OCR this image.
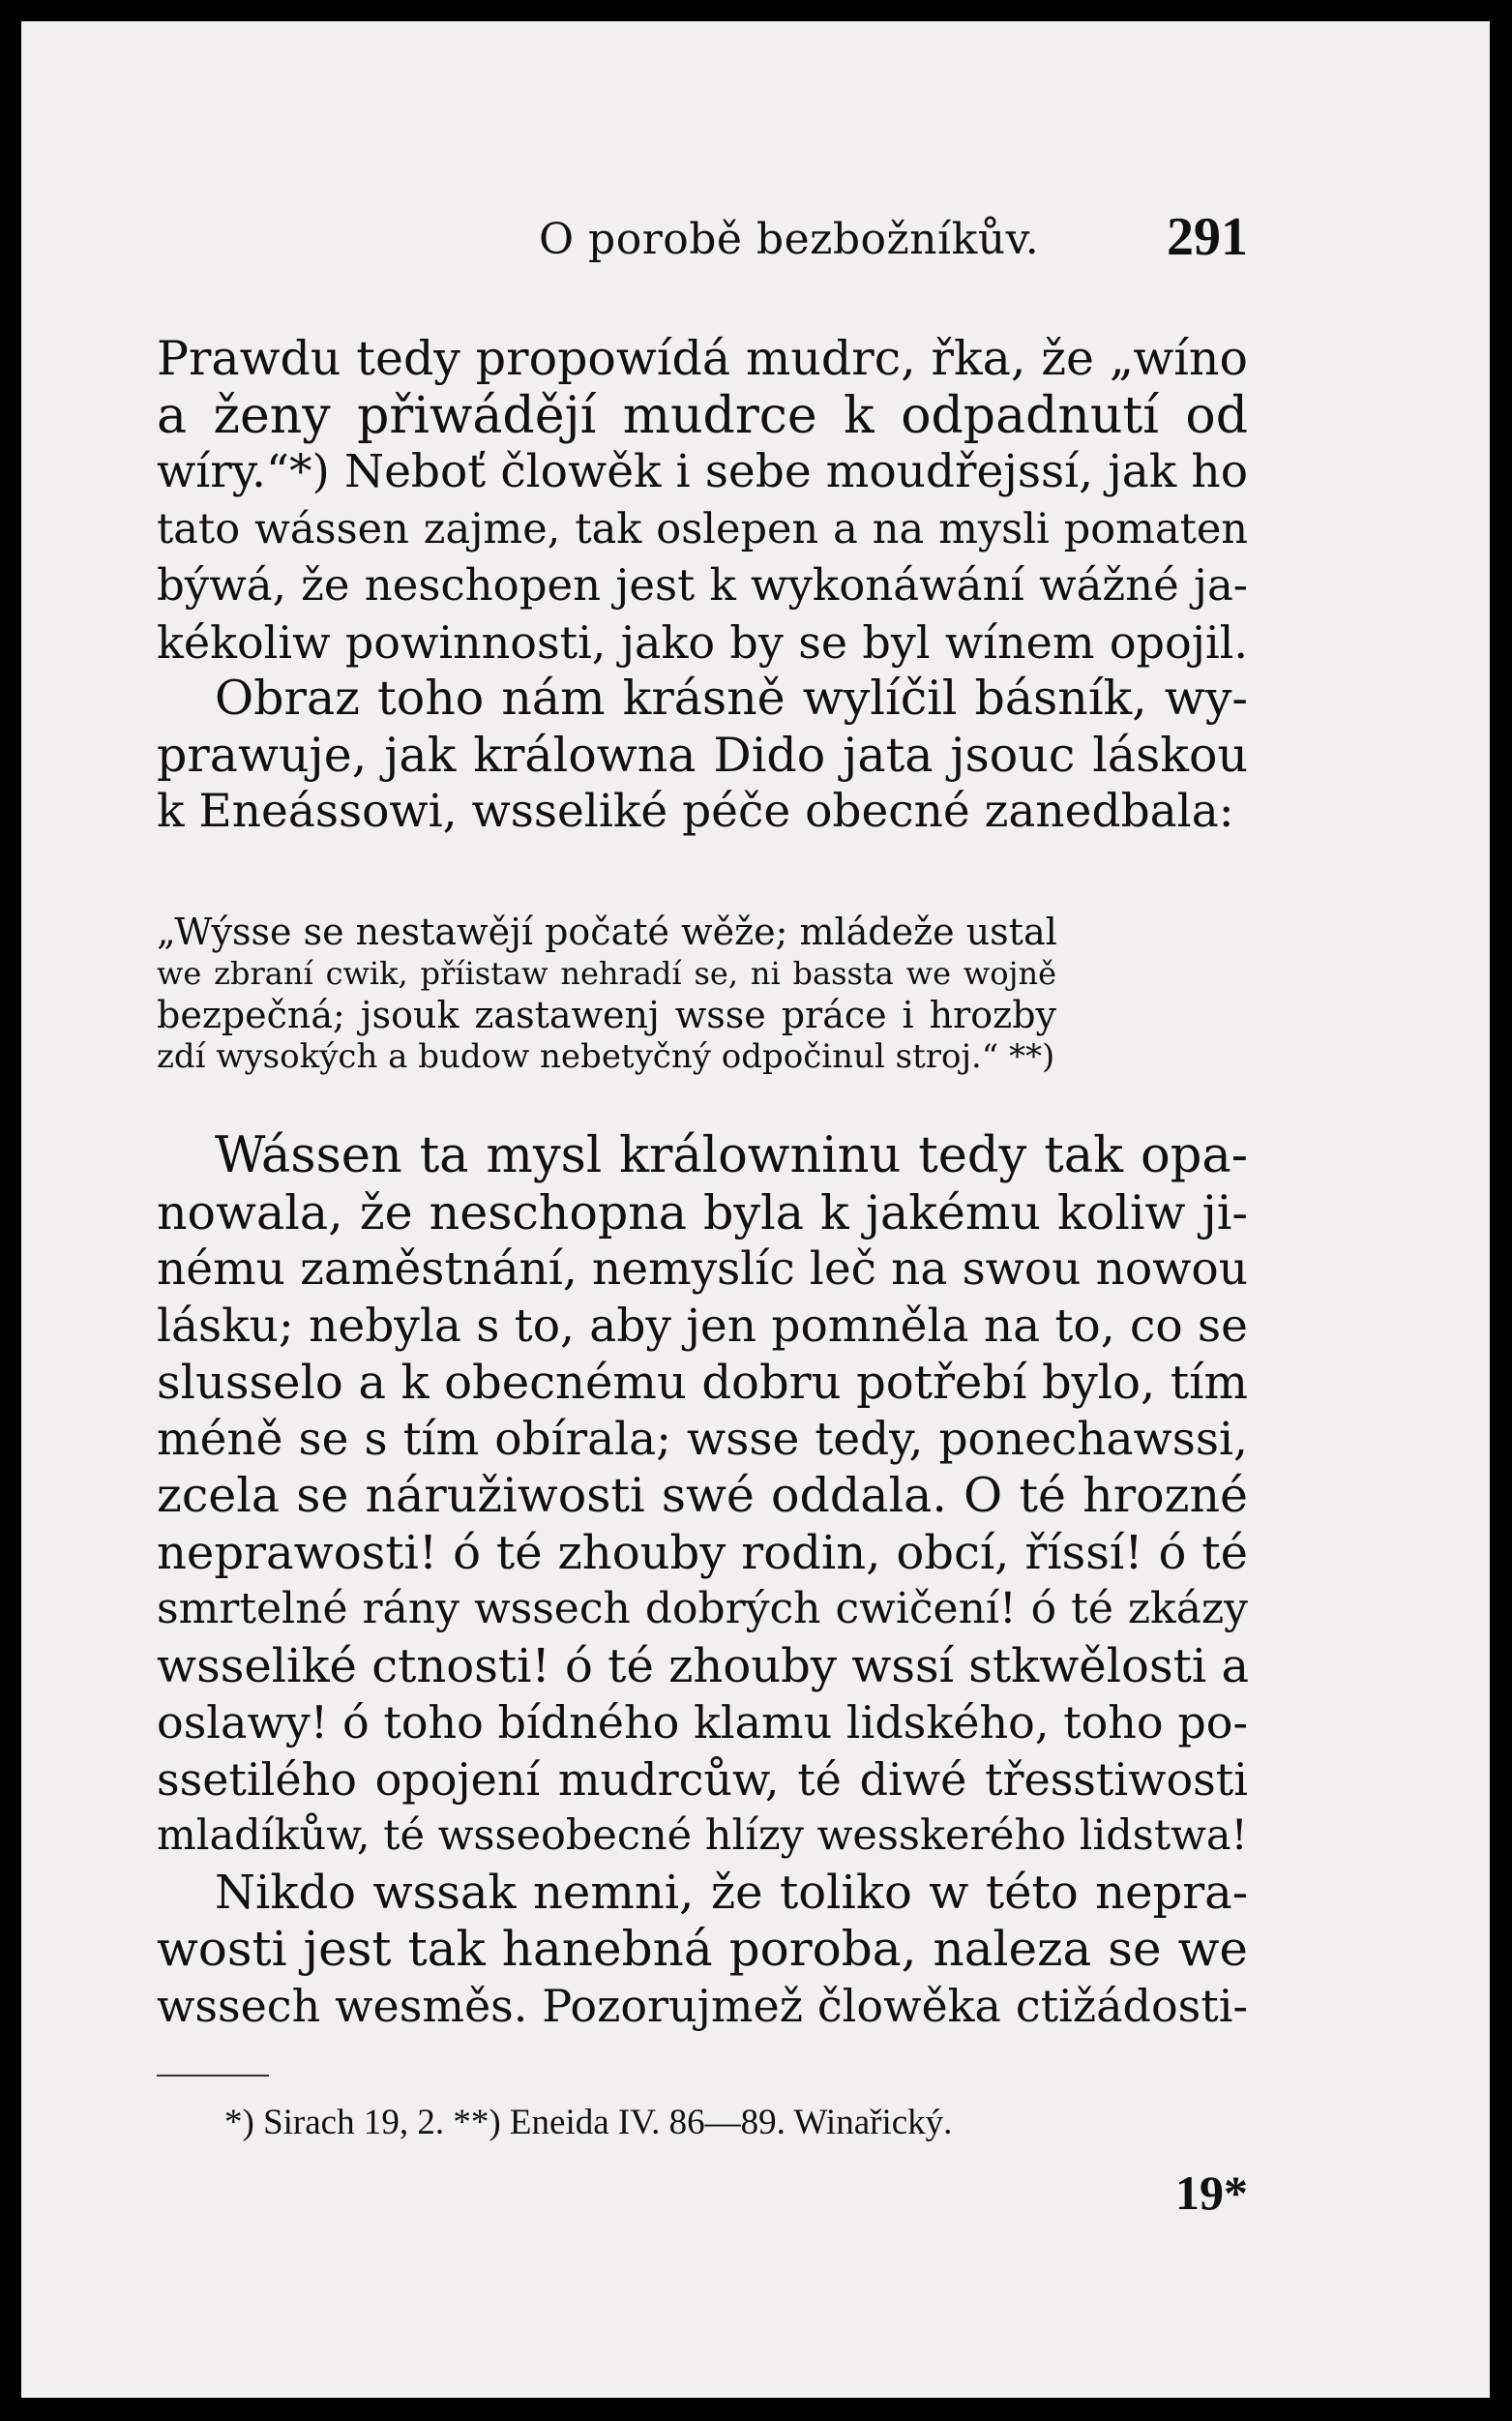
O porobě bezbožníkův. 291
Prawdu tedy propowídá mudrc, řka, že „wíno
a ženy přiwádějí mudrce k odpadnutí od
wíry.“*) Neboť člowěk i sebe moudřejssí, jak ho
tato wássen zajme, tak oslepen a na mysli pomaten
býwá, že neschopen jest k wykonáwání wážné ja-
kékoliw powinnosti, jako by se byl wínem opojil.
Obraz toho nám krásně wylíčil básník, wy-
prawuje, jak králowna Dido jata jsouc láskou
k Eneássowi, wsseliké péče obecné zanedbala:
„Wýsse se nestawějí počaté wěže; mládeže ustal
we zbraní cwik, příistaw nehradí se, ni bassta we wojně
bezpečná; jsouk zastawenj wsse práce i hrozby
zdí wysokých a budow nebetyčný odpočinul stroj.“ **)
Wássen ta mysl králowninu tedy tak opa-
nowala, že neschopna byla k jakému koliw ji-
nému zaměstnání, nemyslíc leč na swou nowou
lásku; nebyla s to, aby jen pomněla na to, co se
slusselo a k obecnému dobru potřebí bylo, tím
méně se s tím obírala; wsse tedy, ponechawssi,
zcela se náružiwosti swé oddala. O té hrozné
neprawosti! ó té zhouby rodin, obcí, říssí! ó té
smrtelné rány wssech dobrých cwičení! ó té zkázy
wsseliké ctnosti! ó té zhouby wssí stkwělosti a
oslawy! ó toho bídného klamu lidského, toho po-
ssetilého opojení mudrcůw, té diwé třesstiwosti
mladíkůw, té wsseobecné hlízy wesskerého lidstwa!
Nikdo wssak nemni, že toliko w této nepra-
wosti jest tak hanebná poroba, naleza se we
wssech wesměs. Pozorujmež člowěka ctižádosti-
*) Sirach 19, 2. **) Eneida IV. 86—89. Winařický.
19*
